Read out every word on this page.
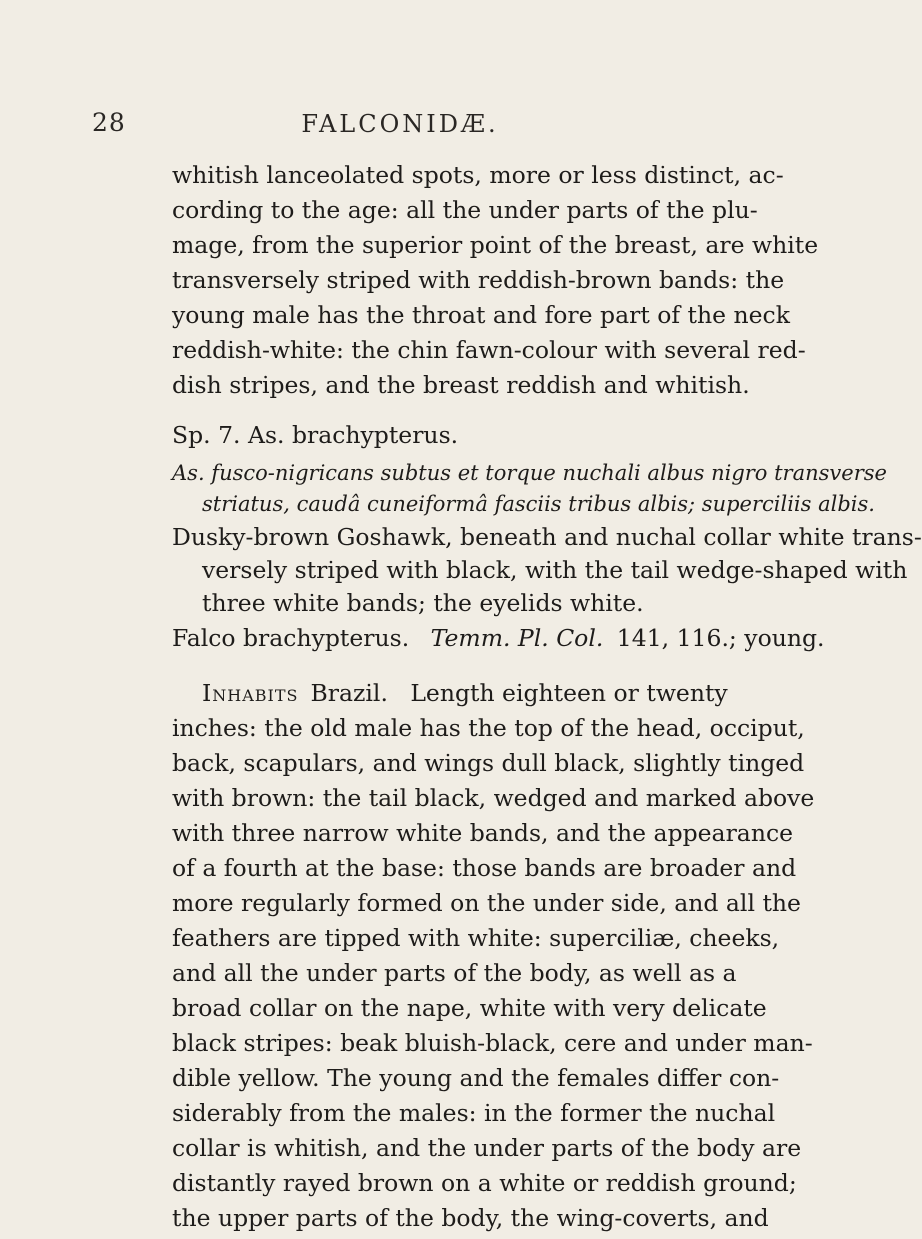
28	FALCONIDÆ.
whitish lanceolated spots, more or less distinct, ac-
cording to the age: all the under parts of the plu-
mage, from the superior point of the breast, are white
transversely striped with reddish-brown bands: the
young male has the throat and fore part of the neck
reddish-white: the chin fawn-colour with several red-
dish stripes, and the breast reddish and whitish.
Sp. 7. As. brachypterus.
As. fusco-nigricans subtus et torque nuchali albus nigro transverse
striatus, caudâ cuneiformâ fasciis tribus albis; superciliis albis.
Dusky-brown Goshawk, beneath and nuchal collar white trans-
versely striped with black, with the tail wedge-shaped with
three white bands; the eyelids white.
Falco brachypterus. Temm. Pl. Col. 141, 116.; young.
Inhabits Brazil.   Length eighteen or twenty
inches: the old male has the top of the head, occiput,
back, scapulars, and wings dull black, slightly tinged
with brown: the tail black, wedged and marked above
with three narrow white bands, and the appearance
of a fourth at the base: those bands are broader and
more regularly formed on the under side, and all the
feathers are tipped with white: superciliæ, cheeks,
and all the under parts of the body, as well as a
broad collar on the nape, white with very delicate
black stripes: beak bluish-black, cere and under man-
dible yellow. The young and the females differ con-
siderably from the males: in the former the nuchal
collar is whitish, and the under parts of the body are
distantly rayed brown on a white or reddish ground;
the upper parts of the body, the wing-coverts, and
